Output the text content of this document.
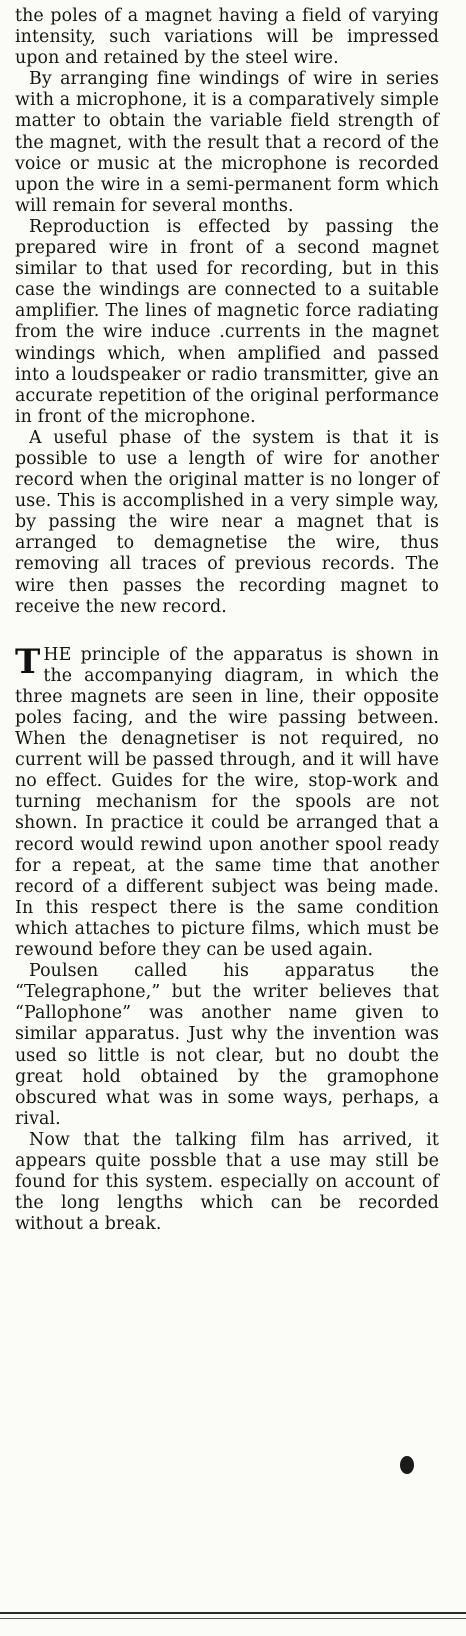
the poles of a magnet having a field of varying intensity, such variations will be impressed upon and retained by the steel wire.

By arranging fine windings of wire in series with a microphone, it is a comparatively simple matter to obtain the variable field strength of the magnet, with the result that a record of the voice or music at the microphone is recorded upon the wire in a semi-permanent form which will remain for several months.

Reproduction is effected by passing the prepared wire in front of a second magnet similar to that used for recording, but in this case the windings are connected to a suitable amplifier. The lines of magnetic force radiating from the wire induce .currents in the magnet windings which, when amplified and passed into a loudspeaker or radio transmitter, give an accurate repetition of the original performance in front of the microphone.

A useful phase of the system is that it is possible to use a length of wire for another record when the original matter is no longer of use. This is accomplished in a very simple way, by passing the wire near a magnet that is arranged to demagnetise the wire, thus removing all traces of previous records. The wire then passes the recording magnet to receive the new record.

T HE principle of the apparatus is shown in the accompanying diagram, in which the three magnets are seen in line, their opposite poles facing, and the wire passing between. When the denagnetiser is not required, no current will be passed through, and it will have no effect. Guides for the wire, stop-work and turning mechanism for the spools are not shown. In practice it could be arranged that a record would rewind upon another spool ready for a repeat, at the same time that another record of a different subject was being made. In this respect there is the same condition which attaches to picture films, which must be rewound before they can be used again.

Poulsen called his apparatus the “Telegraphone,” but the writer believes that “Pallophone” was another name given to similar apparatus. Just why the invention was used so little is not clear, but no doubt the great hold obtained by the gramophone obscured what was in some ways, perhaps, a rival.

Now that the talking film has arrived, it appears quite possble that a use may still be found for this system. especially on account of the long lengths which can be recorded without a break.
